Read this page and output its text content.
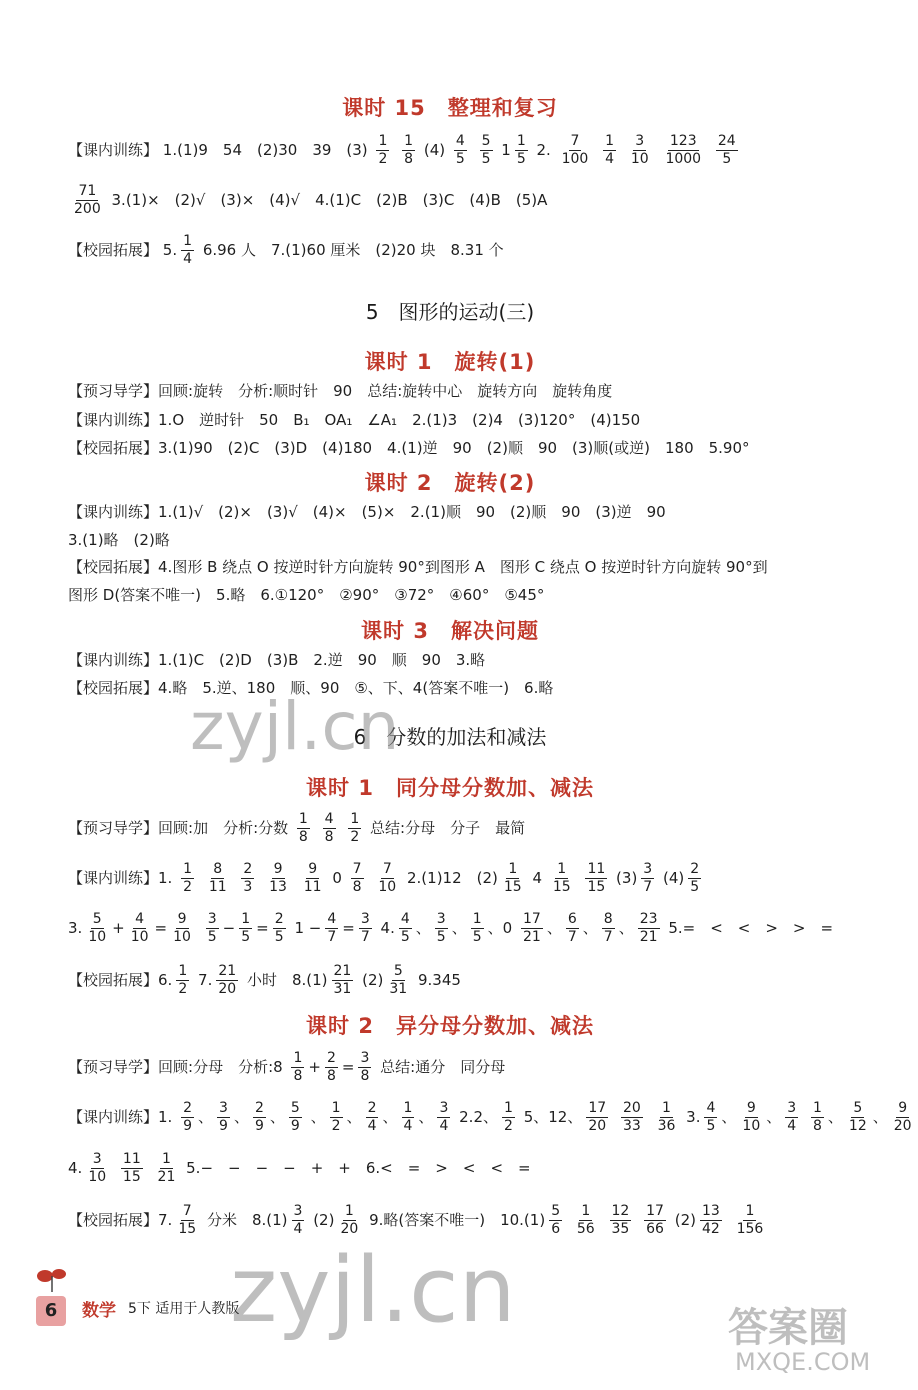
课时 15　整理和复习
【课内训练】 1.(1)9　54　(2)30　39　$(3) \frac{1}{2}$
$\frac{1}{8} (4) \frac{4}{5}$
$\frac{5}{5} 1 \frac{1}{5} 2$. $\frac{7}{100}$
$\frac{1}{4}$
$\frac{3}{10}$
$\frac{123}{1000}$
$\frac{24}{5}$
$\frac{71}{200} 3.(1)\times$　(2)√　(3)×　(4)√　4.(1)C　(2)B　(3)C　(4)B　(5)A
【校园拓展】 5. $\frac{1}{4} 6.96$ 人　7.(1)60 厘米　(2)20 块　8.31 个
5　图形的运动(三)
课时 1　旋转(1)
【预习导学】回顾:旋转　分析:顺时针　90　总结:旋转中心　旋转方向　旋转角度
【课内训练】1.O　逆时针　50　B₁　OA₁　∠A₁　2.(1)3　(2)4　(3)120°　(4)150
【校园拓展】3.(1)90　(2)C　(3)D　(4)180　4.(1)逆　90　(2)顺　90　(3)顺(或逆)　180　5.90°
课时 2　旋转(2)
【课内训练】1.(1)√　(2)×　(3)√　(4)×　(5)×　2.(1)顺　90　(2)顺　90　(3)逆　90
3.(1)略　(2)略
【校园拓展】4.图形 B 绕点 O 按逆时针方向旋转 90°到图形 A　图形 C 绕点 O 按逆时针方向旋转 90°到
图形 D(答案不唯一)　5.略　6.①120°　②90°　③72°　④60°　⑤45°
课时 3　解决问题
【课内训练】1.(1)C　(2)D　(3)B　2.逆　90　顺　90　3.略
【校园拓展】4.略　5.逆、180　顺、90　⑤、下、4(答案不唯一)　6.略
6　分数的加法和减法
课时 1　同分母分数加、减法
【预习导学】回顾:加　分析:分数 $\frac{1}{8}$
$\frac{4}{8}$
$\frac{1}{2}$ 总结:分母　分子　最简
【课内训练】1. $\frac{1}{2}$
$\frac{8}{11}$
$\frac{2}{3}$
$\frac{9}{13}$
$\frac{9}{11} 0 \frac{7}{8}$
$\frac{7}{10} 2.(1)12$　$(2) \frac{1}{15} 4 \frac{1}{15}$
$\frac{11}{15} (3) \frac{3}{7} (4) \frac{2}{5}$
3. $\frac{5}{10} + \frac{4}{10} = \frac{9}{10}$
$\frac{3}{5} - \frac{1}{5} = \frac{2}{5} 1 - \frac{4}{7} = \frac{3}{7} 4$. $\frac{4}{5}$ 、 $\frac{3}{5}$ 、 $\frac{1}{5}$ 、$0 \frac{17}{21}$ 、 $\frac{6}{7}$ 、 $\frac{8}{7}$ 、 $\frac{23}{21} 5.=$　<　<　>　>　=
【校园拓展】6. $\frac{1}{2} 7$. $\frac{21}{20}$ 小时　$8.(1) \frac{21}{31} (2) \frac{5}{31} 9.345$
课时 2　异分母分数加、减法
【预习导学】回顾:分母　分析:8 $\frac{1}{8} + \frac{2}{8} = \frac{3}{8}$ 总结:通分　同分母
【课内训练】1. $\frac{2}{9}$ 、 $\frac{3}{9}$ 、 $\frac{2}{9}$ 、 $\frac{5}{9}$ 、 $\frac{1}{2}$ 、 $\frac{2}{4}$ 、 $\frac{1}{4}$ 、 $\frac{3}{4} 2.2$、 $\frac{1}{2} 5$、12、 $\frac{17}{20}$
$\frac{20}{33}$
$\frac{1}{36} 3$. $\frac{4}{5}$ 、 $\frac{9}{10}$ 、 $\frac{3}{4}$
$\frac{1}{8}$ 、 $\frac{5}{12}$ 、 $\frac{9}{20}$
4. $\frac{3}{10}$
$\frac{11}{15}$
$\frac{1}{21} 5.-$　−　−　−　+　+　6.<　=　>　<　<　=
【校园拓展】7. $\frac{7}{15}$ 分米　$8.(1) \frac{3}{4} (2) \frac{1}{20} 9$.略(答案不唯一)　$10.(1) \frac{5}{6}$
$\frac{1}{56}$
$\frac{12}{35}$
$\frac{17}{66} (2) \frac{13}{42}$
$\frac{1}{156}$
zyjl.cn
zyjl.cn	答案圈
MXQE.COM
6	数学 5下 适用于人教版
